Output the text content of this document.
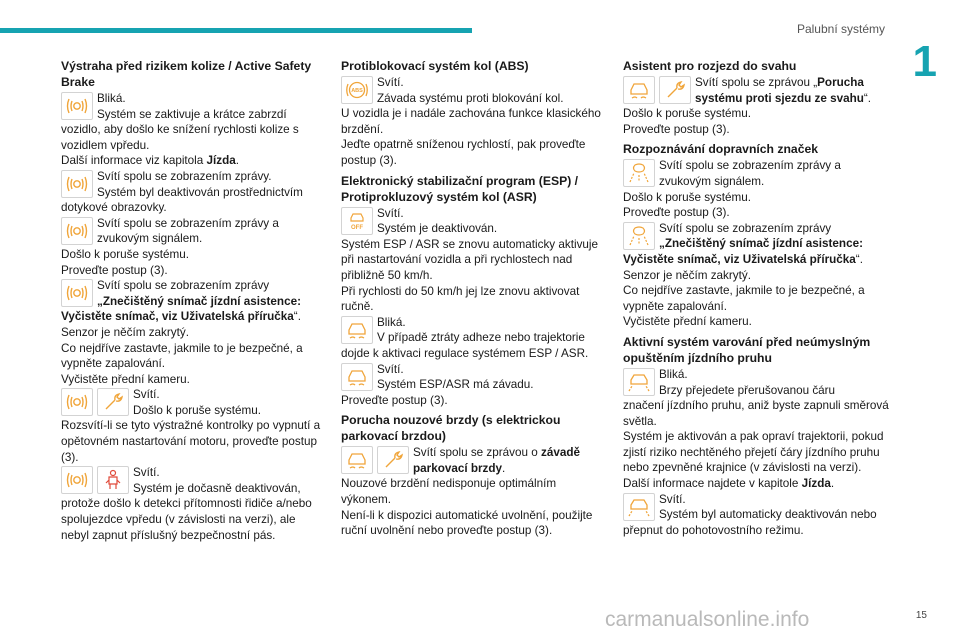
Palubní systémy
1
15
carmanualsonline.info
Výstraha před rizikem kolize / Active Safety Brake

Bliká.

Systém se zaktivuje a krátce zabrzdí

vozidlo, aby došlo ke snížení rychlosti kolize s vozidlem vpředu.

Další informace viz kapitola Jízda.

Svítí spolu se zobrazením zprávy.

Systém byl deaktivován prostřednictvím

dotykové obrazovky.

Svítí spolu se zobrazením zprávy a

zvukovým signálem.

Došlo k poruše systému.

Proveďte postup (3).

Svítí spolu se zobrazením zprávy

„Znečištěný snímač jízdní asistence: Vyčistěte snímač, viz Uživatelská příručka“.

Senzor je něčím zakrytý.

Co nejdříve zastavte, jakmile to je bezpečné, a vypněte zapalování.

Vyčistěte přední kameru.

Svítí.

Došlo k poruše systému.

Rozsvítí-li se tyto výstražné kontrolky po vypnutí a opětovném nastartování motoru, proveďte postup (3).

Svítí.

Systém je dočasně deaktivován,

protože došlo k detekci přítomnosti řidiče a/nebo spolujezdce vpředu (v závislosti na verzi), ale nebyl zapnut příslušný bezpečnostní pás.

Protiblokovací systém kol (ABS)

Svítí.

Závada systému proti blokování kol.

U vozidla je i nadále zachována funkce klasického brzdění.

Jeďte opatrně sníženou rychlostí, pak proveďte postup (3).

Elektronický stabilizační program (ESP) / Protiprokluzový systém kol (ASR)
OFF

Svítí.

Systém je deaktivován.

Systém ESP / ASR se znovu automaticky aktivuje při nastartování vozidla a při rychlostech nad přibližně 50 km/h.

Při rychlosti do 50 km/h jej lze znovu aktivovat ručně.

Bliká.

V případě ztráty adheze nebo trajektorie

dojde k aktivaci regulace systémem ESP / ASR.

Svítí.

Systém ESP/ASR má závadu.

Proveďte postup (3).

Porucha nouzové brzdy (s elektrickou parkovací brzdou)

Svítí spolu se zprávou o závadě parkovací brzdy.

Nouzové brzdění nedisponuje optimálním výkonem.

Není-li k dispozici automatické uvolnění, použijte ruční uvolnění nebo proveďte postup (3).

Asistent pro rozjezd do svahu

Svítí spolu se zprávou „Porucha systému proti sjezdu ze svahu“.

Došlo k poruše systému.

Proveďte postup (3).

Rozpoznávání dopravních značek

Svítí spolu se zobrazením zprávy a

zvukovým signálem.

Došlo k poruše systému.

Proveďte postup (3).

Svítí spolu se zobrazením zprávy

„Znečištěný snímač jízdní asistence: Vyčistěte snímač, viz Uživatelská příručka“.

Senzor je něčím zakrytý.

Co nejdříve zastavte, jakmile to je bezpečné, a vypněte zapalování.

Vyčistěte přední kameru.

Aktivní systém varování před neúmyslným opuštěním jízdního pruhu

Bliká.

Brzy přejedete přerušovanou čáru

značení jízdního pruhu, aniž byste zapnuli směrová světla.

Systém je aktivován a pak opraví trajektorii, pokud zjistí riziko nechtěného přejetí čáry jízdního pruhu nebo zpevněné krajnice (v závislosti na verzi).

Další informace najdete v kapitole Jízda.

Svítí.

Systém byl automaticky deaktivován nebo

přepnut do pohotovostního režimu.
